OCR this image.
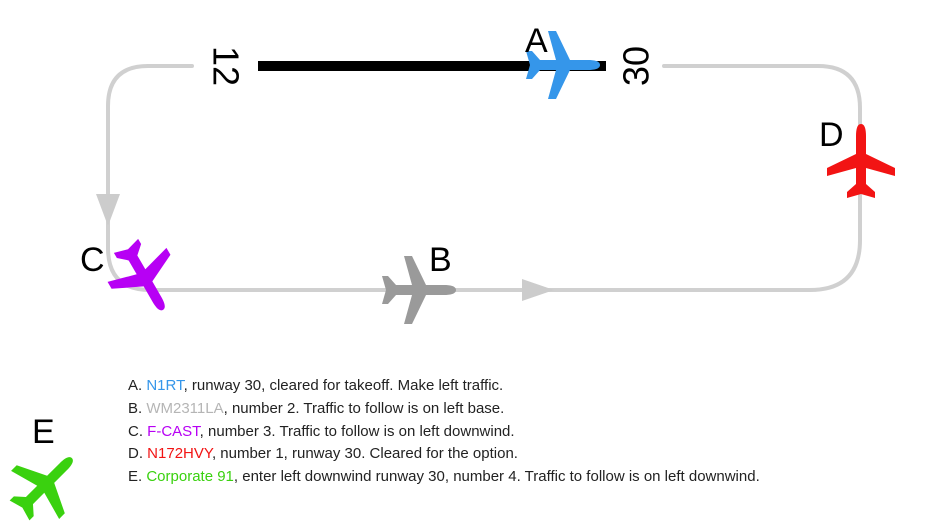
12	30
A
B
C
D
E
A. N1RT, runway 30, cleared for takeoff. Make left traffic.
B. WM2311LA, number 2. Traffic to follow is on left base.
C. F-CAST, number 3. Traffic to follow is on left downwind.
D. N172HVY, number 1, runway 30. Cleared for the option.
E. Corporate 91, enter left downwind runway 30, number 4. Traffic to follow is on left downwind.
